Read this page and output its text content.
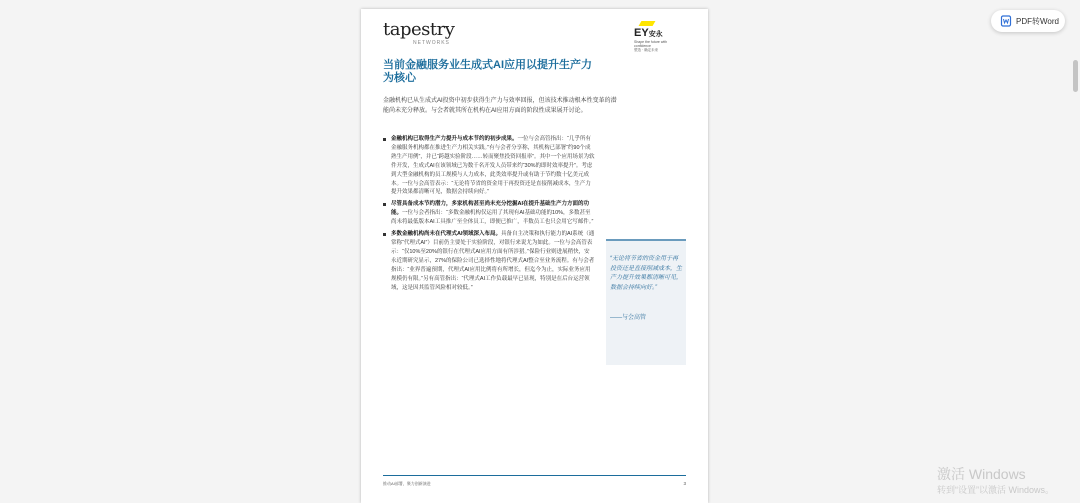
tapestry
NETWORKS
EY安永
Shape the future with confidence
塑造 · 确定未来
当前金融服务业生成式AI应用以提升生产力为核心

金融机构已从生成式AI投资中初步获得生产力与效率回报，但该技术推动根本性变革的潜能尚未充分释放。与会者就其所在机构在AI应用方面的阶段性成果展开讨论。

金融机构已取得生产力提升与成本节约的初步成果。一位与会高管指出：“几乎所有金融服务机构都在推进生产力相关实践。”有与会者分享称，其机构已部署“约90个成熟生产用例”，并已“跨越实验阶段……转而聚焦投资回报率”。其中一个应用场景为软件开发，生成式AI在该领域已为数千名开发人员带来约“30%的即时效率提升”。考虑到大型金融机构的员工规模与人力成本，此类效率提升或有助于节约数十亿美元成本。一位与会高管表示：“无论将节省的资金用于再投资还是直接削减成本，生产力提升效果都清晰可见，数据会持续向好。”
尽管具备成本节约潜力，多家机构甚至尚未充分挖掘AI在提升基础生产力方面的功能。一位与会者指出：“多数金融机构仅运用了其现有AI基础功能的10%，多数甚至尚未将最低版本AI工具推广至全体员工，即便已推广，半数员工也只会用它写邮件。”
多数金融机构尚未在代理式AI领域深入布局。具备自主决策和执行能力的AI系统（通常称“代理式AI”）目前仍主要处于实验阶段，对银行来说尤为如此。一位与会高管表示：“仅10%至20%的银行在代理式AI应用方面有所涉猎。”保险行业则进展稍快，安永近期研究显示，27%的保险公司已选择性地将代理式AI整合至业务流程。有与会者指出：“业界普遍预期，代理式AI应用比例将有所增长，但迄今为止，实际业务应用规模仍有限。”另有高管指出：“代理式AI工作负载最早已显现，特别是在后台运营领域，这是因其监管风险相对较低。”

“无论将节省的资金用于再投资还是直接削减成本，生产力提升效果都清晰可见，数据会持续向好。”

——与会高管
推动AI部署，聚力创新演进	3
PDF转Word
激活 Windows
转到“设置”以激活 Windows。
